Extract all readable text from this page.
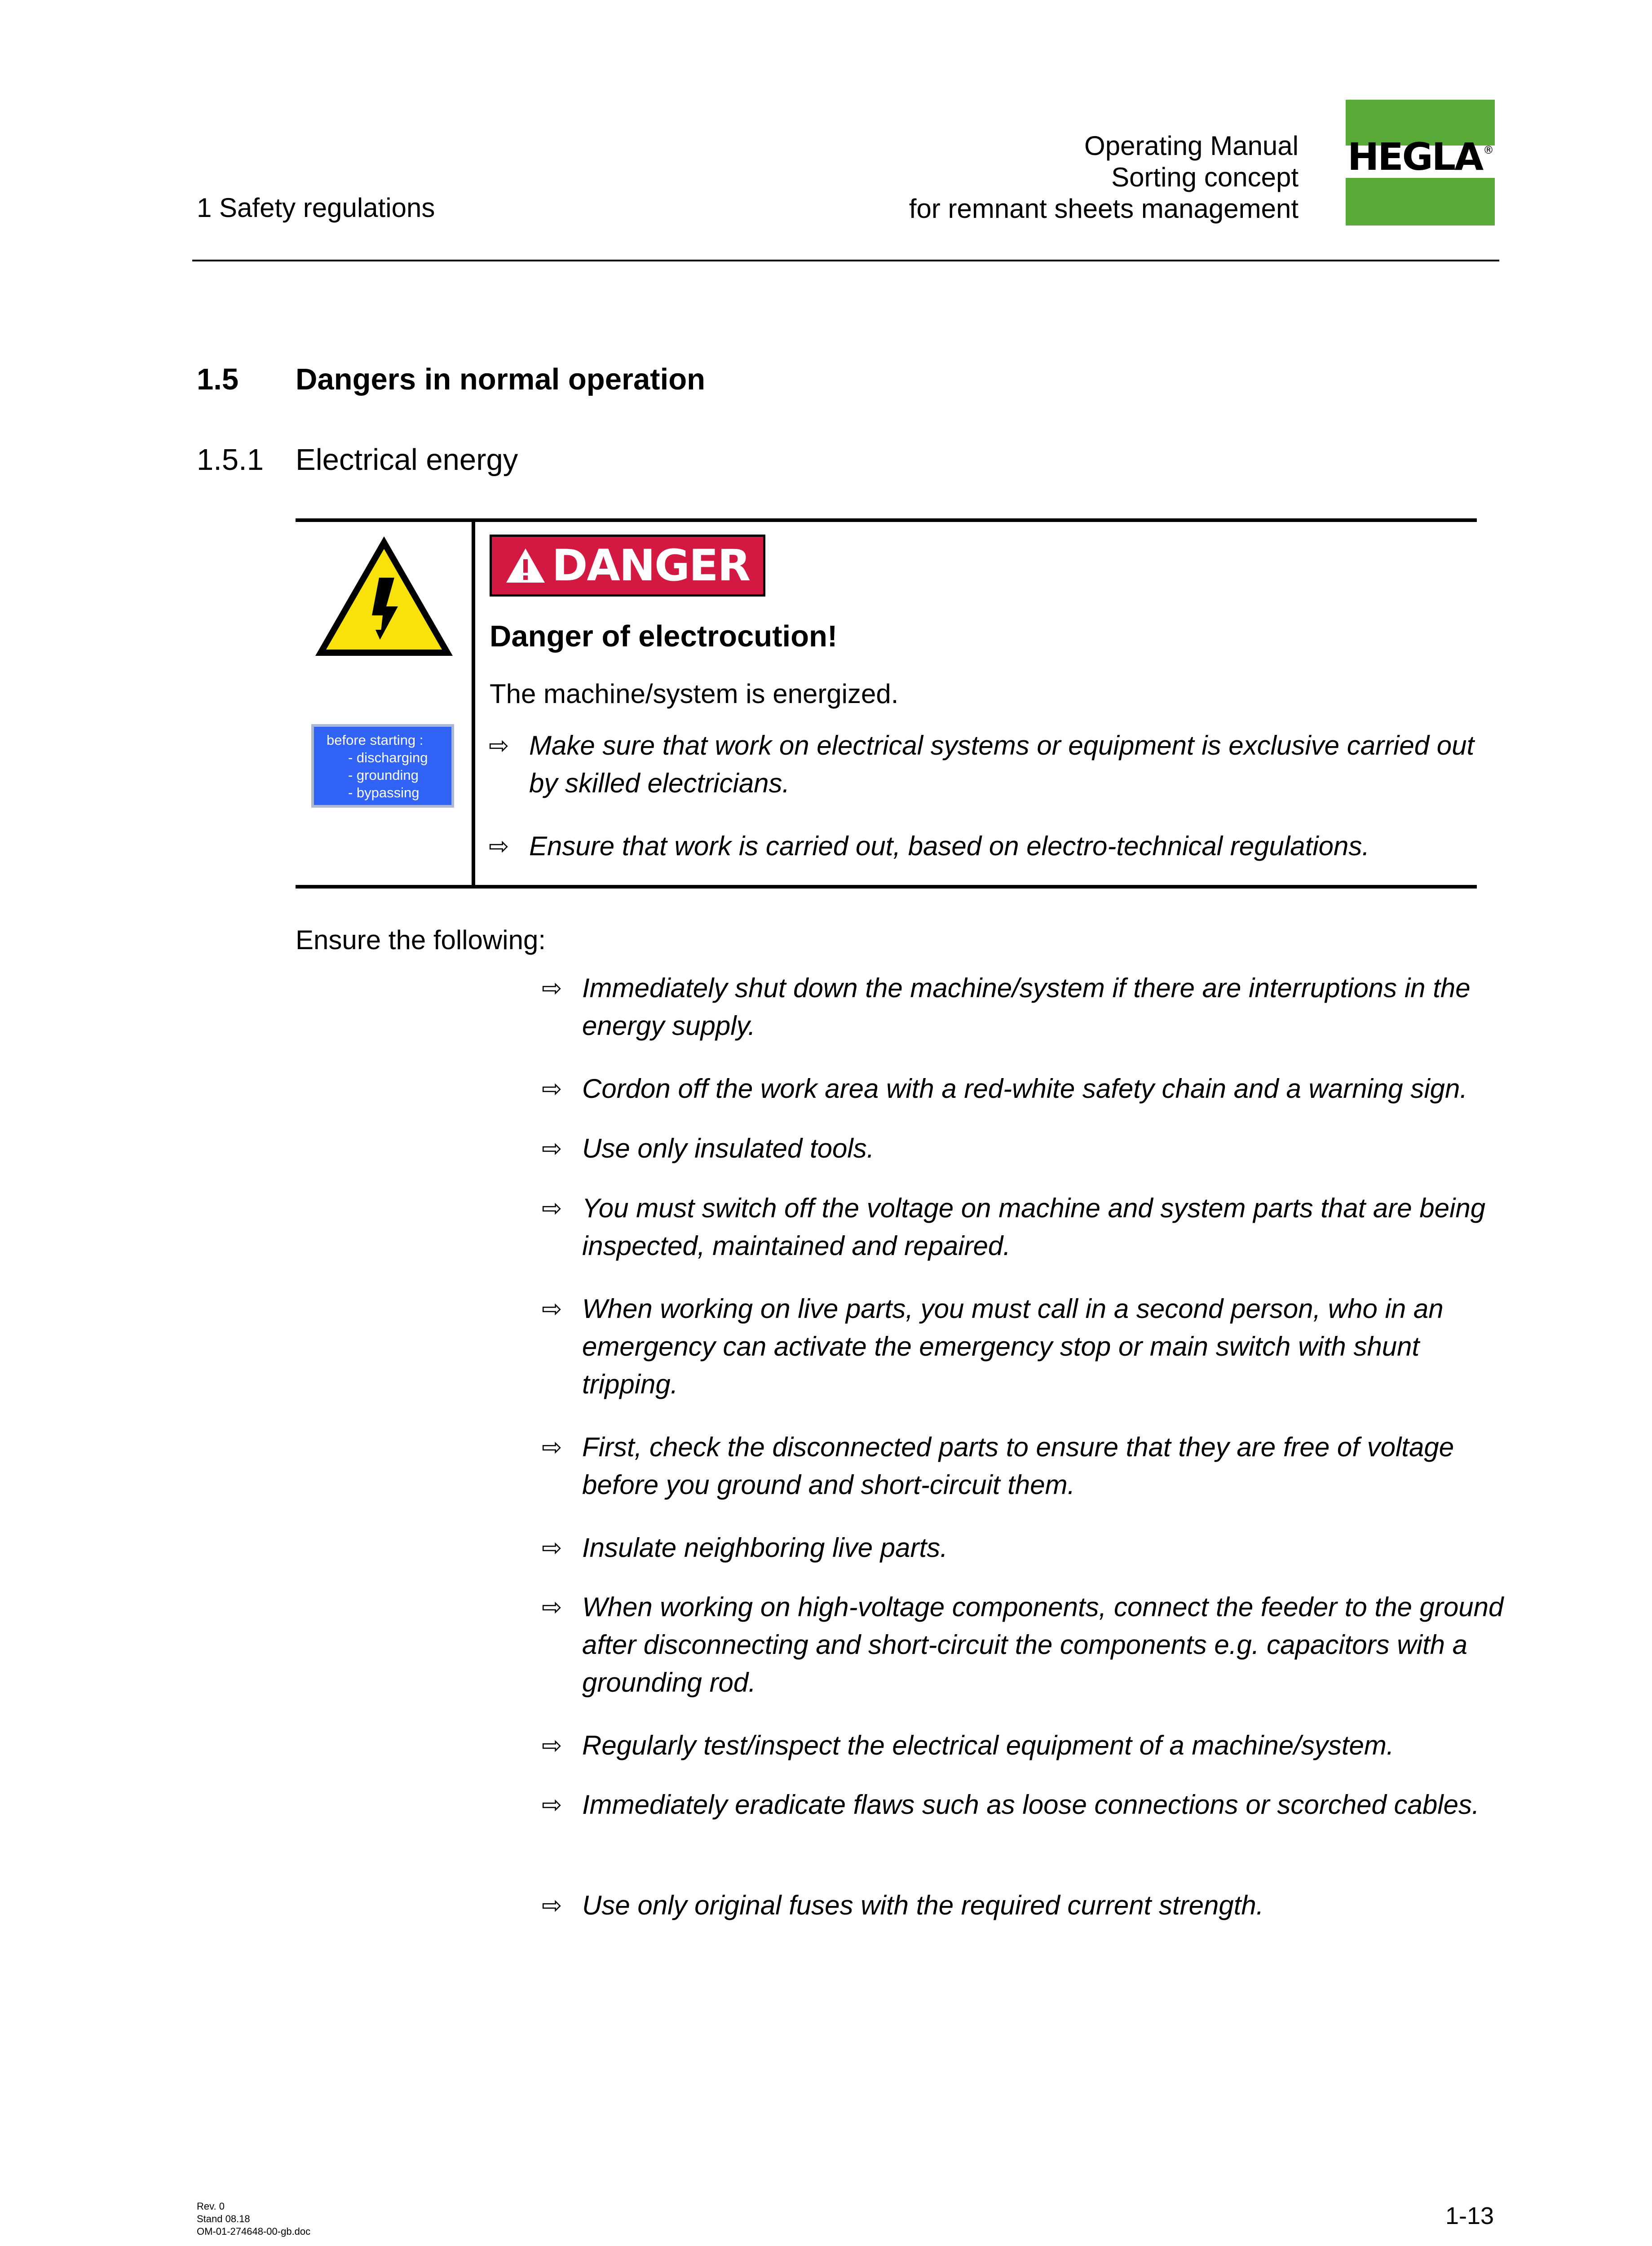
1 Safety regulations
Operating Manual
Sorting concept
for remnant sheets management
HEGLA ®
1.5 Dangers in normal operation
1.5.1 Electrical energy
before starting :
- discharging
- grounding
- bypassing
DANGER
Danger of electrocution!
The machine/system is energized.
⇨ Make sure that work on electrical systems or equipment is exclusive carried out by skilled electricians.
⇨ Ensure that work is carried out, based on electro-technical regulations.
Ensure the following:
⇨ Immediately shut down the machine/system if there are interruptions in the energy supply.
⇨ Cordon off the work area with a red-white safety chain and a warning sign.
⇨ Use only insulated tools.
⇨ You must switch off the voltage on machine and system parts that are being inspected, maintained and repaired.
⇨ When working on live parts, you must call in a second person, who in an emergency can activate the emergency stop or main switch with shunt tripping.
⇨ First, check the disconnected parts to ensure that they are free of voltage before you ground and short-circuit them.
⇨ Insulate neighboring live parts.
⇨ When working on high-voltage components, connect the feeder to the ground after disconnecting and short-circuit the components e.g. capacitors with a grounding rod.
⇨ Regularly test/inspect the electrical equipment of a machine/system.
⇨ Immediately eradicate flaws such as loose connections or scorched cables.
⇨ Use only original fuses with the required current strength.
Rev. 0
Stand 08.18
OM-01-274648-00-gb.doc
1-13
